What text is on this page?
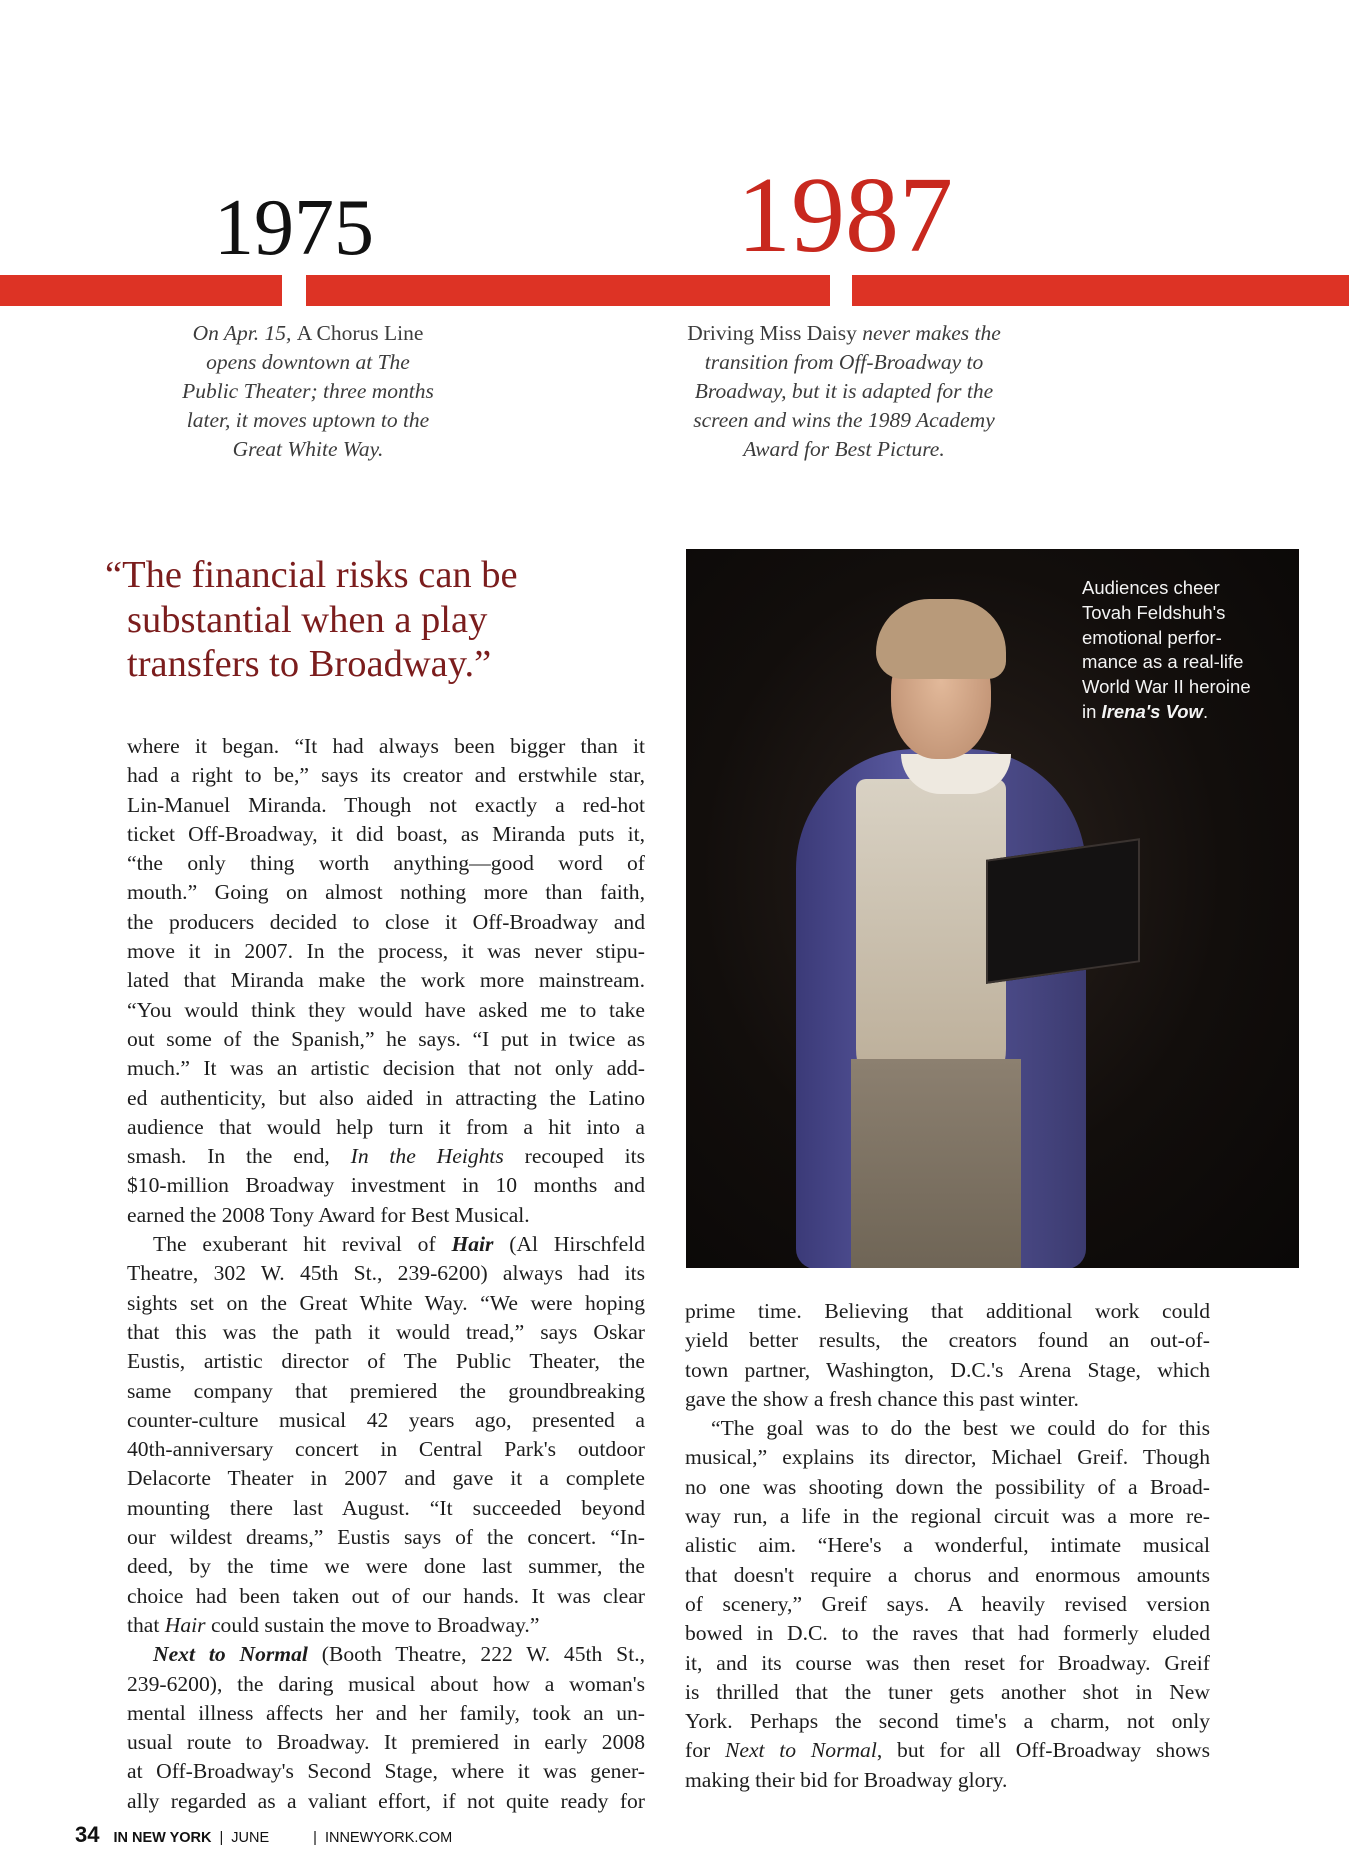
1975	1987
On Apr. 15, A Chorus Line
opens downtown at The
Public Theater; three months
later, it moves uptown to the
Great White Way.
Driving Miss Daisy never makes the
transition from Off-Broadway to
Broadway, but it is adapted for the
screen and wins the 1989 Academy
Award for Best Picture.
“The financial risks can be
substantial when a play
transfers to Broadway.”
where it began. “It had always been bigger than it
had a right to be,” says its creator and erstwhile star,
Lin-Manuel Miranda. Though not exactly a red-hot
ticket Off-Broadway, it did boast, as Miranda puts it,
“the only thing worth anything—good word of
mouth.” Going on almost nothing more than faith,
the producers decided to close it Off-Broadway and
move it in 2007. In the process, it was never stipu-
lated that Miranda make the work more mainstream.
“You would think they would have asked me to take
out some of the Spanish,” he says. “I put in twice as
much.” It was an artistic decision that not only add-
ed authenticity, but also aided in attracting the Latino
audience that would help turn it from a hit into a
smash. In the end, In the Heights recouped its
$10-million Broadway investment in 10 months and
earned the 2008 Tony Award for Best Musical.
The exuberant hit revival of Hair (Al Hirschfeld
Theatre, 302 W. 45th St., 239-6200) always had its
sights set on the Great White Way. “We were hoping
that this was the path it would tread,” says Oskar
Eustis, artistic director of The Public Theater, the
same company that premiered the groundbreaking
counter-culture musical 42 years ago, presented a
40th-anniversary concert in Central Park's outdoor
Delacorte Theater in 2007 and gave it a complete
mounting there last August. “It succeeded beyond
our wildest dreams,” Eustis says of the concert. “In-
deed, by the time we were done last summer, the
choice had been taken out of our hands. It was clear
that Hair could sustain the move to Broadway.”
Next to Normal (Booth Theatre, 222 W. 45th St.,
239-6200), the daring musical about how a woman's
mental illness affects her and her family, took an un-
usual route to Broadway. It premiered in early 2008
at Off-Broadway's Second Stage, where it was gener-
ally regarded as a valiant effort, if not quite ready for
Audiences cheer
Tovah Feldshuh's
emotional perfor-
mance as a real-life
World War II heroine
in Irena's Vow.
prime time. Believing that additional work could
yield better results, the creators found an out-of-
town partner, Washington, D.C.'s Arena Stage, which
gave the show a fresh chance this past winter.
“The goal was to do the best we could do for this
musical,” explains its director, Michael Greif. Though
no one was shooting down the possibility of a Broad-
way run, a life in the regional circuit was a more re-
alistic aim. “Here's a wonderful, intimate musical
that doesn't require a chorus and enormous amounts
of scenery,” Greif says. A heavily revised version
bowed in D.C. to the raves that had formerly eluded
it, and its course was then reset for Broadway. Greif
is thrilled that the tuner gets another shot in New
York. Perhaps the second time's a charm, not only
for Next to Normal, but for all Off-Broadway shows
making their bid for Broadway glory.
34 IN NEW YORK | JUNE	| INNEWYORK.COM
